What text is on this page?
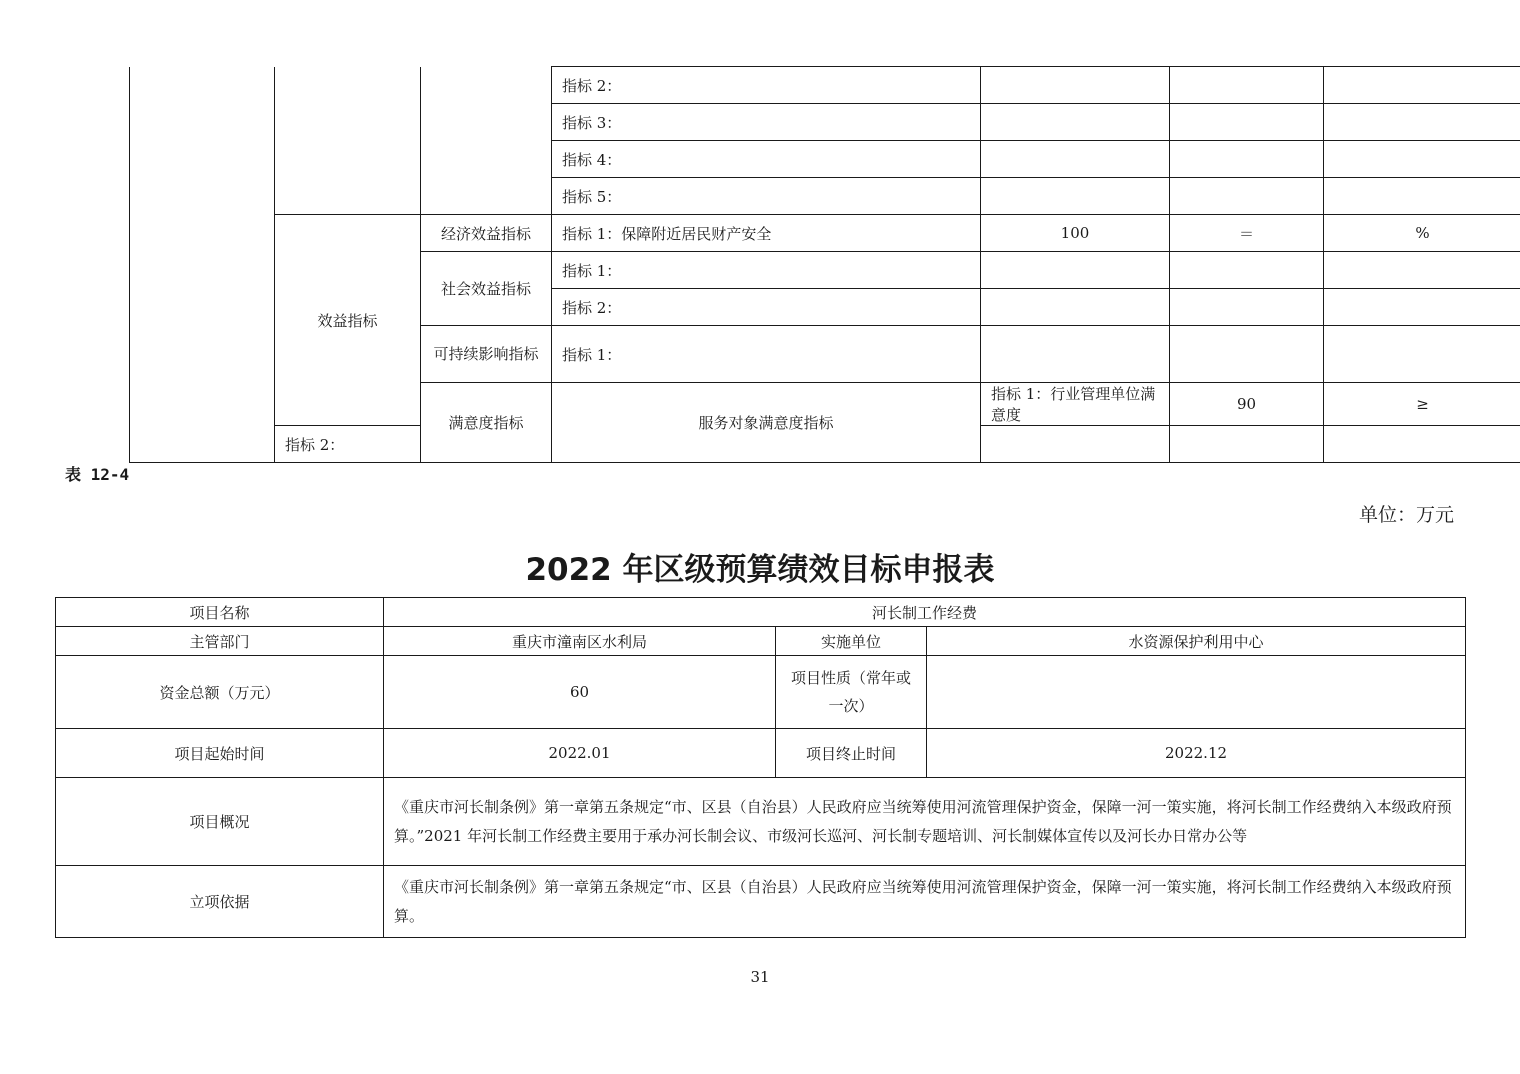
			指标 2：				
			指标 3：				
			指标 4：				
			指标 5：				
	效益指标	经济效益指标	指标 1：保障附近居民财产安全	100	＝	%	
		社会效益指标	指标 1：				
			指标 2：				
		可持续影响指标	指标 1：				
		满意度指标	服务对象满意度指标	指标 1：行业管理单位满意度	90	≥	
	指标 2：						
表 12-4
单位：万元
2022 年区级预算绩效目标申报表
项目名称	河长制工作经费		
主管部门	重庆市潼南区水利局	实施单位	水资源保护利用中心
资金总额（万元）	60	项目性质（常年或一次）	
项目起始时间	2022.01	项目终止时间	2022.12
项目概况	《重庆市河长制条例》第一章第五条规定“市、区县（自治县）人民政府应当统筹使用河流管理保护资金，保障一河一策实施，将河长制工作经费纳入本级政府预算。”2021 年河长制工作经费主要用于承办河长制会议、市级河长巡河、河长制专题培训、河长制媒体宣传以及河长办日常办公等		
立项依据	《重庆市河长制条例》第一章第五条规定“市、区县（自治县）人民政府应当统筹使用河流管理保护资金，保障一河一策实施，将河长制工作经费纳入本级政府预算。		
31
